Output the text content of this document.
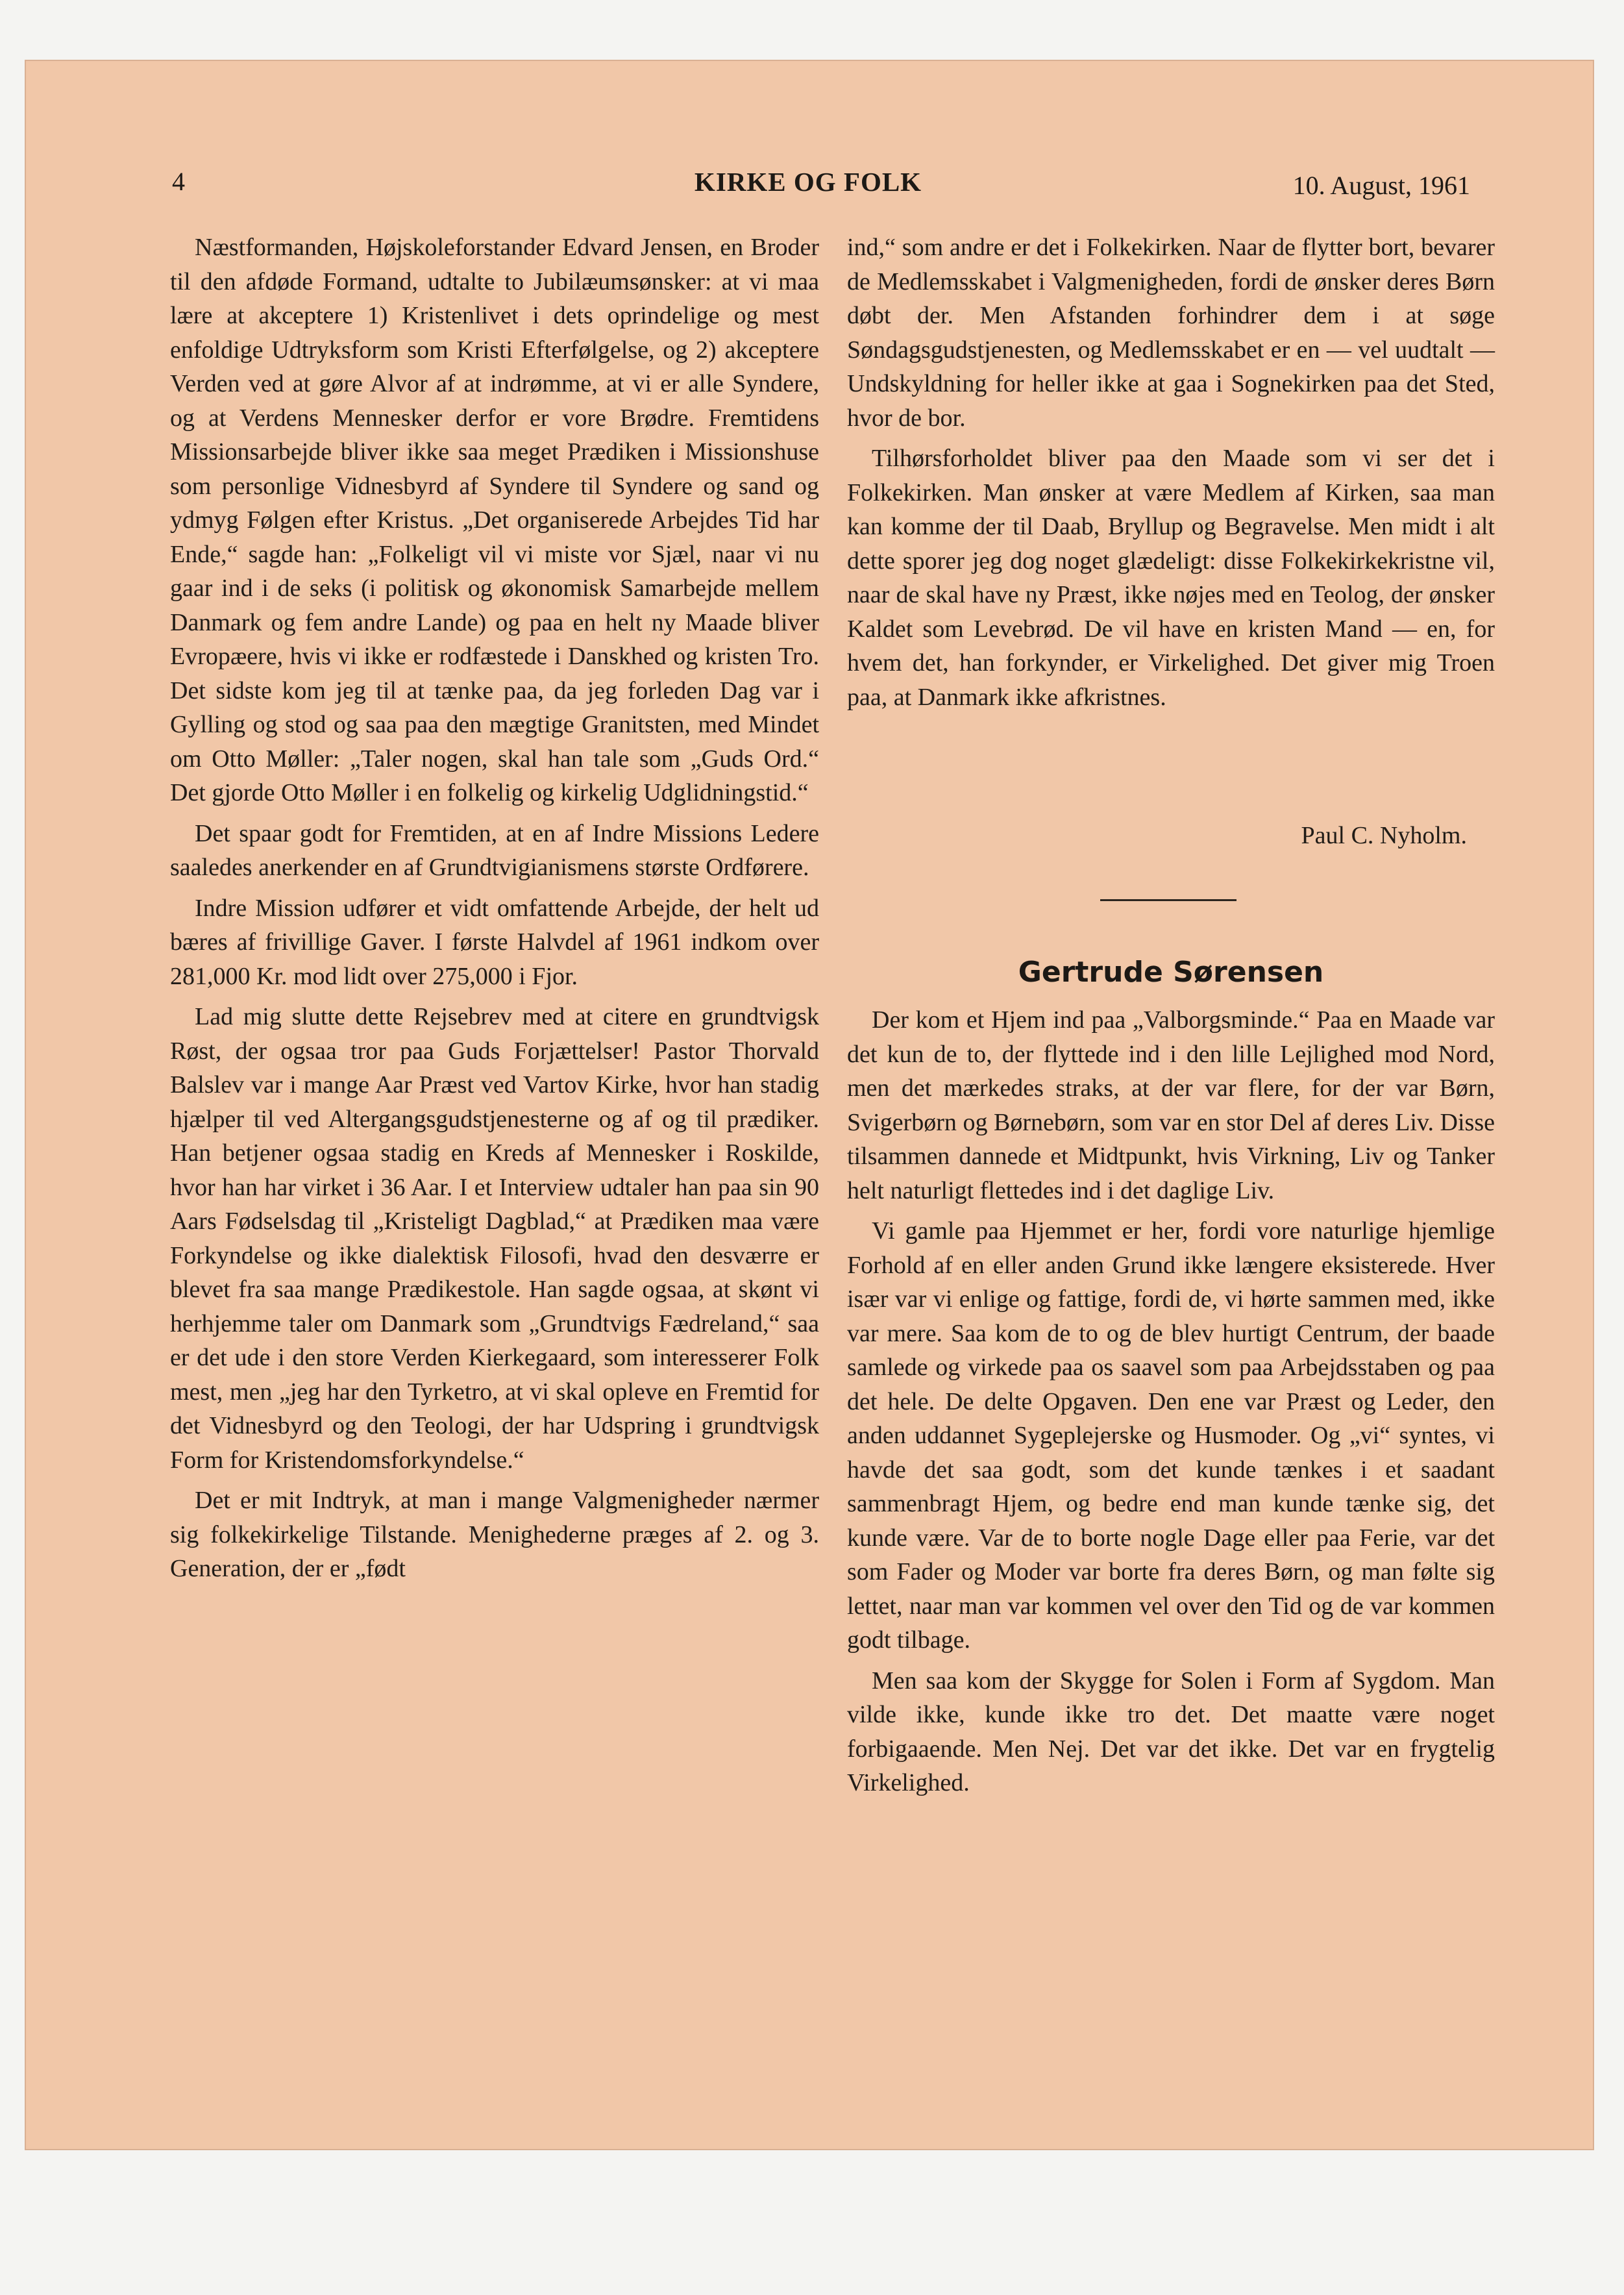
4	KIRKE OG FOLK	10. August, 1961

Næstformanden, Højskoleforstander Edvard Jensen, en Broder til den afdøde Formand, udtalte to Jubilæumsønsker: at vi maa lære at akceptere 1) Kristenlivet i dets oprindelige og mest enfoldige Udtryksform som Kristi Efterfølgelse, og 2) akceptere Verden ved at gøre Alvor af at indrømme, at vi er alle Syndere, og at Verdens Mennesker derfor er vore Brødre. Fremtidens Missionsarbejde bliver ikke saa meget Prædiken i Missionshuse som personlige Vidnesbyrd af Syndere til Syndere og sand og ydmyg Følgen efter Kristus. „Det organiserede Arbejdes Tid har Ende,“ sagde han: „Folkeligt vil vi miste vor Sjæl, naar vi nu gaar ind i de seks (i politisk og økonomisk Samarbejde mellem Danmark og fem andre Lande) og paa en helt ny Maade bliver Evropæere, hvis vi ikke er rodfæstede i Danskhed og kristen Tro. Det sidste kom jeg til at tænke paa, da jeg forleden Dag var i Gylling og stod og saa paa den mægtige Granitsten, med Mindet om Otto Møller: „Taler nogen, skal han tale som „Guds Ord.“ Det gjorde Otto Møller i en folkelig og kirkelig Udglidningstid.“

Det spaar godt for Fremtiden, at en af Indre Missions Ledere saaledes anerkender en af Grundtvigianismens største Ordførere.

Indre Mission udfører et vidt omfattende Arbejde, der helt ud bæres af frivillige Gaver. I første Halvdel af 1961 indkom over 281,000 Kr. mod lidt over 275,000 i Fjor.

Lad mig slutte dette Rejsebrev med at citere en grundtvigsk Røst, der ogsaa tror paa Guds Forjættelser! Pastor Thorvald Balslev var i mange Aar Præst ved Vartov Kirke, hvor han stadig hjælper til ved Altergangsgudstjenesterne og af og til prædiker. Han betjener ogsaa stadig en Kreds af Mennesker i Roskilde, hvor han har virket i 36 Aar. I et Interview udtaler han paa sin 90 Aars Fødselsdag til „Kristeligt Dagblad,“ at Prædiken maa være Forkyndelse og ikke dialektisk Filosofi, hvad den desværre er blevet fra saa mange Prædikestole. Han sagde ogsaa, at skønt vi herhjemme taler om Danmark som „Grundtvigs Fædreland,“ saa er det ude i den store Verden Kierkegaard, som interesserer Folk mest, men „jeg har den Tyrketro, at vi skal opleve en Fremtid for det Vidnesbyrd og den Teologi, der har Udspring i grundtvigsk Form for Kristendomsforkyndelse.“

Det er mit Indtryk, at man i mange Valgmenigheder nærmer sig folkekirkelige Tilstande. Menighederne præges af 2. og 3. Generation, der er „født

ind,“ som andre er det i Folkekirken. Naar de flytter bort, bevarer de Medlemsskabet i Valgmenigheden, fordi de ønsker deres Børn døbt der. Men Afstanden forhindrer dem i at søge Søndagsgudstjenesten, og Medlemsskabet er en — vel uudtalt — Undskyldning for heller ikke at gaa i Sognekirken paa det Sted, hvor de bor.

Tilhørsforholdet bliver paa den Maade som vi ser det i Folkekirken. Man ønsker at være Medlem af Kirken, saa man kan komme der til Daab, Bryllup og Begravelse. Men midt i alt dette sporer jeg dog noget glædeligt: disse Folkekirkekristne vil, naar de skal have ny Præst, ikke nøjes med en Teolog, der ønsker Kaldet som Levebrød. De vil have en kristen Mand — en, for hvem det, han forkynder, er Virkelighed. Det giver mig Troen paa, at Danmark ikke afkristnes.

Paul C. Nyholm.
Gertrude Sørensen

Der kom et Hjem ind paa „Valborgsminde.“ Paa en Maade var det kun de to, der flyttede ind i den lille Lejlighed mod Nord, men det mærkedes straks, at der var flere, for der var Børn, Svigerbørn og Børnebørn, som var en stor Del af deres Liv. Disse tilsammen dannede et Midtpunkt, hvis Virkning, Liv og Tanker helt naturligt flettedes ind i det daglige Liv.

Vi gamle paa Hjemmet er her, fordi vore naturlige hjemlige Forhold af en eller anden Grund ikke længere eksisterede. Hver især var vi enlige og fattige, fordi de, vi hørte sammen med, ikke var mere. Saa kom de to og de blev hurtigt Centrum, der baade samlede og virkede paa os saavel som paa Arbejdsstaben og paa det hele. De delte Opgaven. Den ene var Præst og Leder, den anden uddannet Sygeplejerske og Husmoder. Og „vi“ syntes, vi havde det saa godt, som det kunde tænkes i et saadant sammenbragt Hjem, og bedre end man kunde tænke sig, det kunde være. Var de to borte nogle Dage eller paa Ferie, var det som Fader og Moder var borte fra deres Børn, og man følte sig lettet, naar man var kommen vel over den Tid og de var kommen godt tilbage.

Men saa kom der Skygge for Solen i Form af Sygdom. Man vilde ikke, kunde ikke tro det. Det maatte være noget forbigaaende. Men Nej. Det var det ikke. Det var en frygtelig Virkelighed.
